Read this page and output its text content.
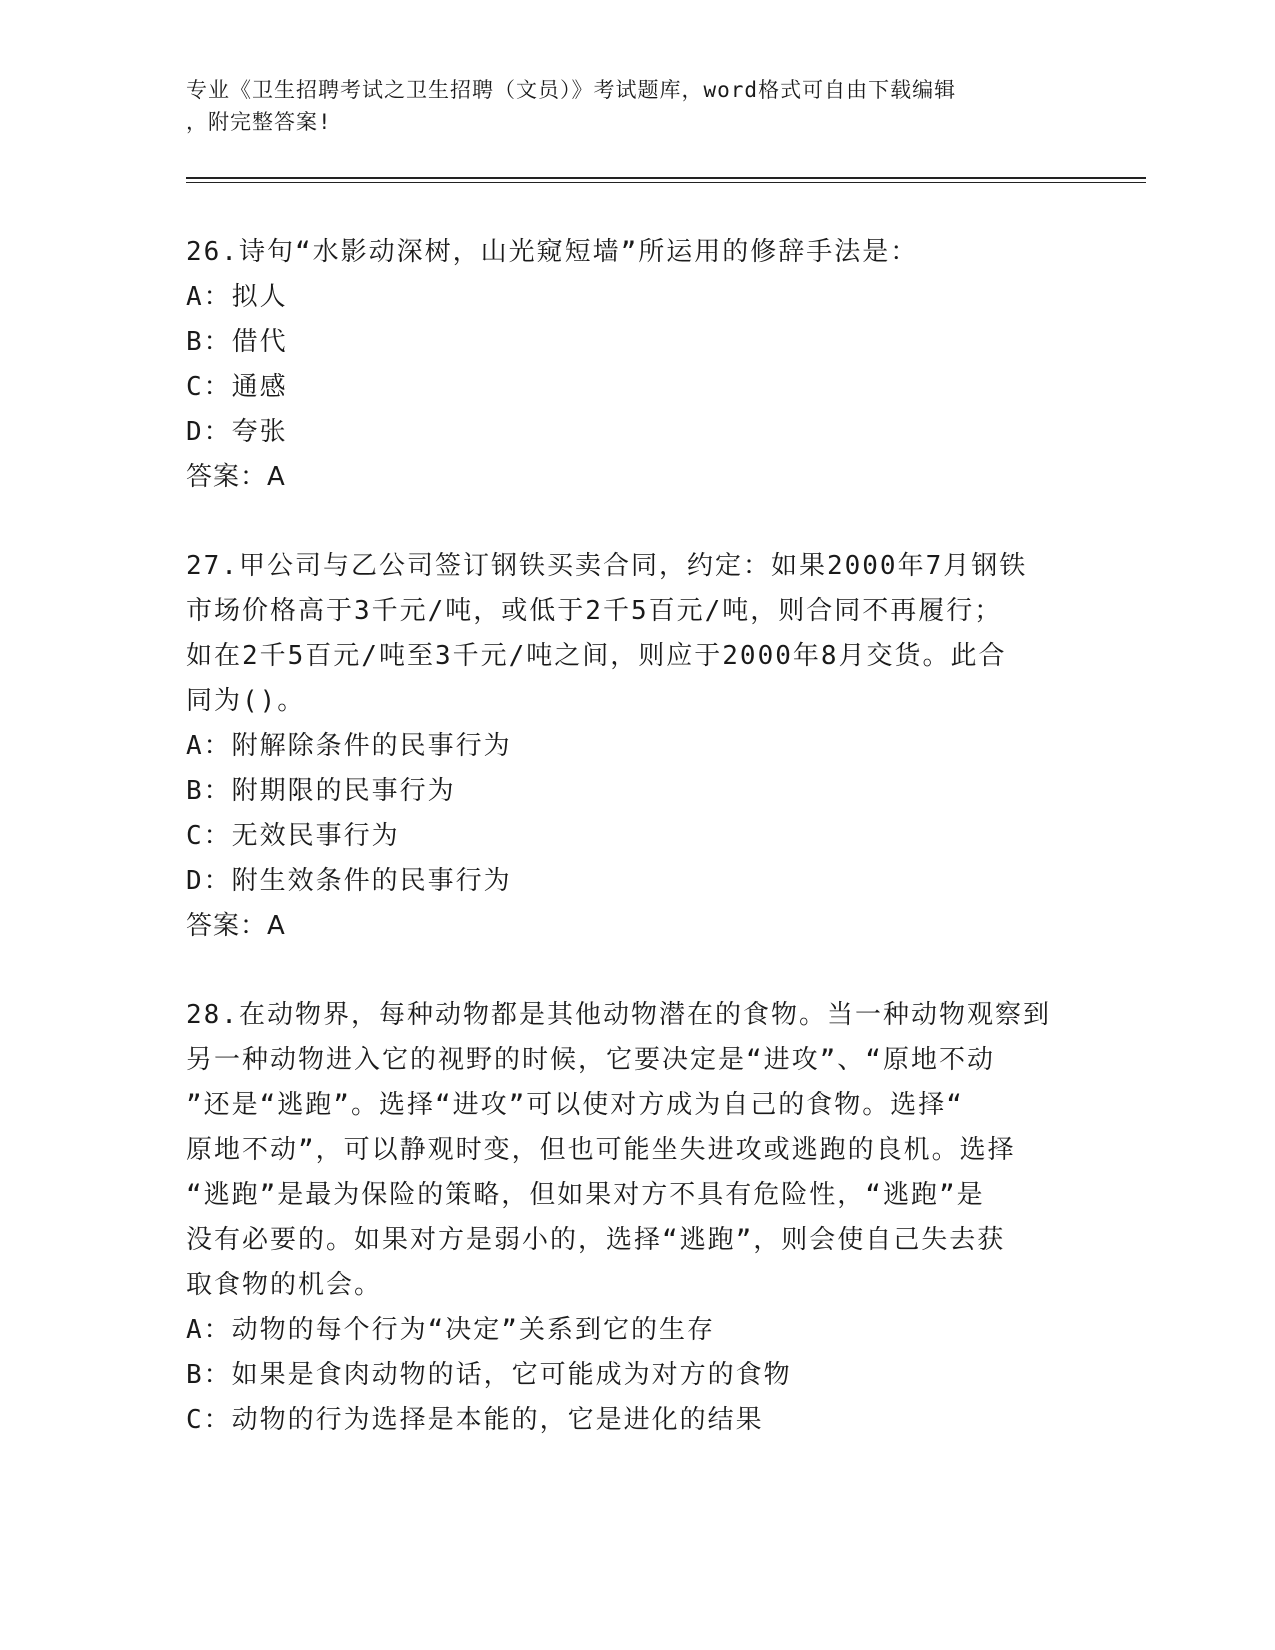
专业《卫生招聘考试之卫生招聘（文员）》考试题库，word格式可自由下载编辑
，附完整答案!
26.诗句“水影动深树，山光窥短墙”所运用的修辞手法是：
A：拟人
B：借代
C：通感
D：夸张
答案：A
27.甲公司与乙公司签订钢铁买卖合同，约定：如果2000年7月钢铁
市场价格高于3千元/吨，或低于2千5百元/吨，则合同不再履行；
如在2千5百元/吨至3千元/吨之间，则应于2000年8月交货。此合
同为()。
A：附解除条件的民事行为
B：附期限的民事行为
C：无效民事行为
D：附生效条件的民事行为
答案：A
28.在动物界，每种动物都是其他动物潜在的食物。当一种动物观察到
另一种动物进入它的视野的时候，它要决定是“进攻”、“原地不动
”还是“逃跑”。选择“进攻”可以使对方成为自己的食物。选择“
原地不动”，可以静观时变，但也可能坐失进攻或逃跑的良机。选择
“逃跑”是最为保险的策略，但如果对方不具有危险性，“逃跑”是
没有必要的。如果对方是弱小的，选择“逃跑”，则会使自己失去获
取食物的机会。
A：动物的每个行为“决定”关系到它的生存
B：如果是食肉动物的话，它可能成为对方的食物
C：动物的行为选择是本能的，它是进化的结果
